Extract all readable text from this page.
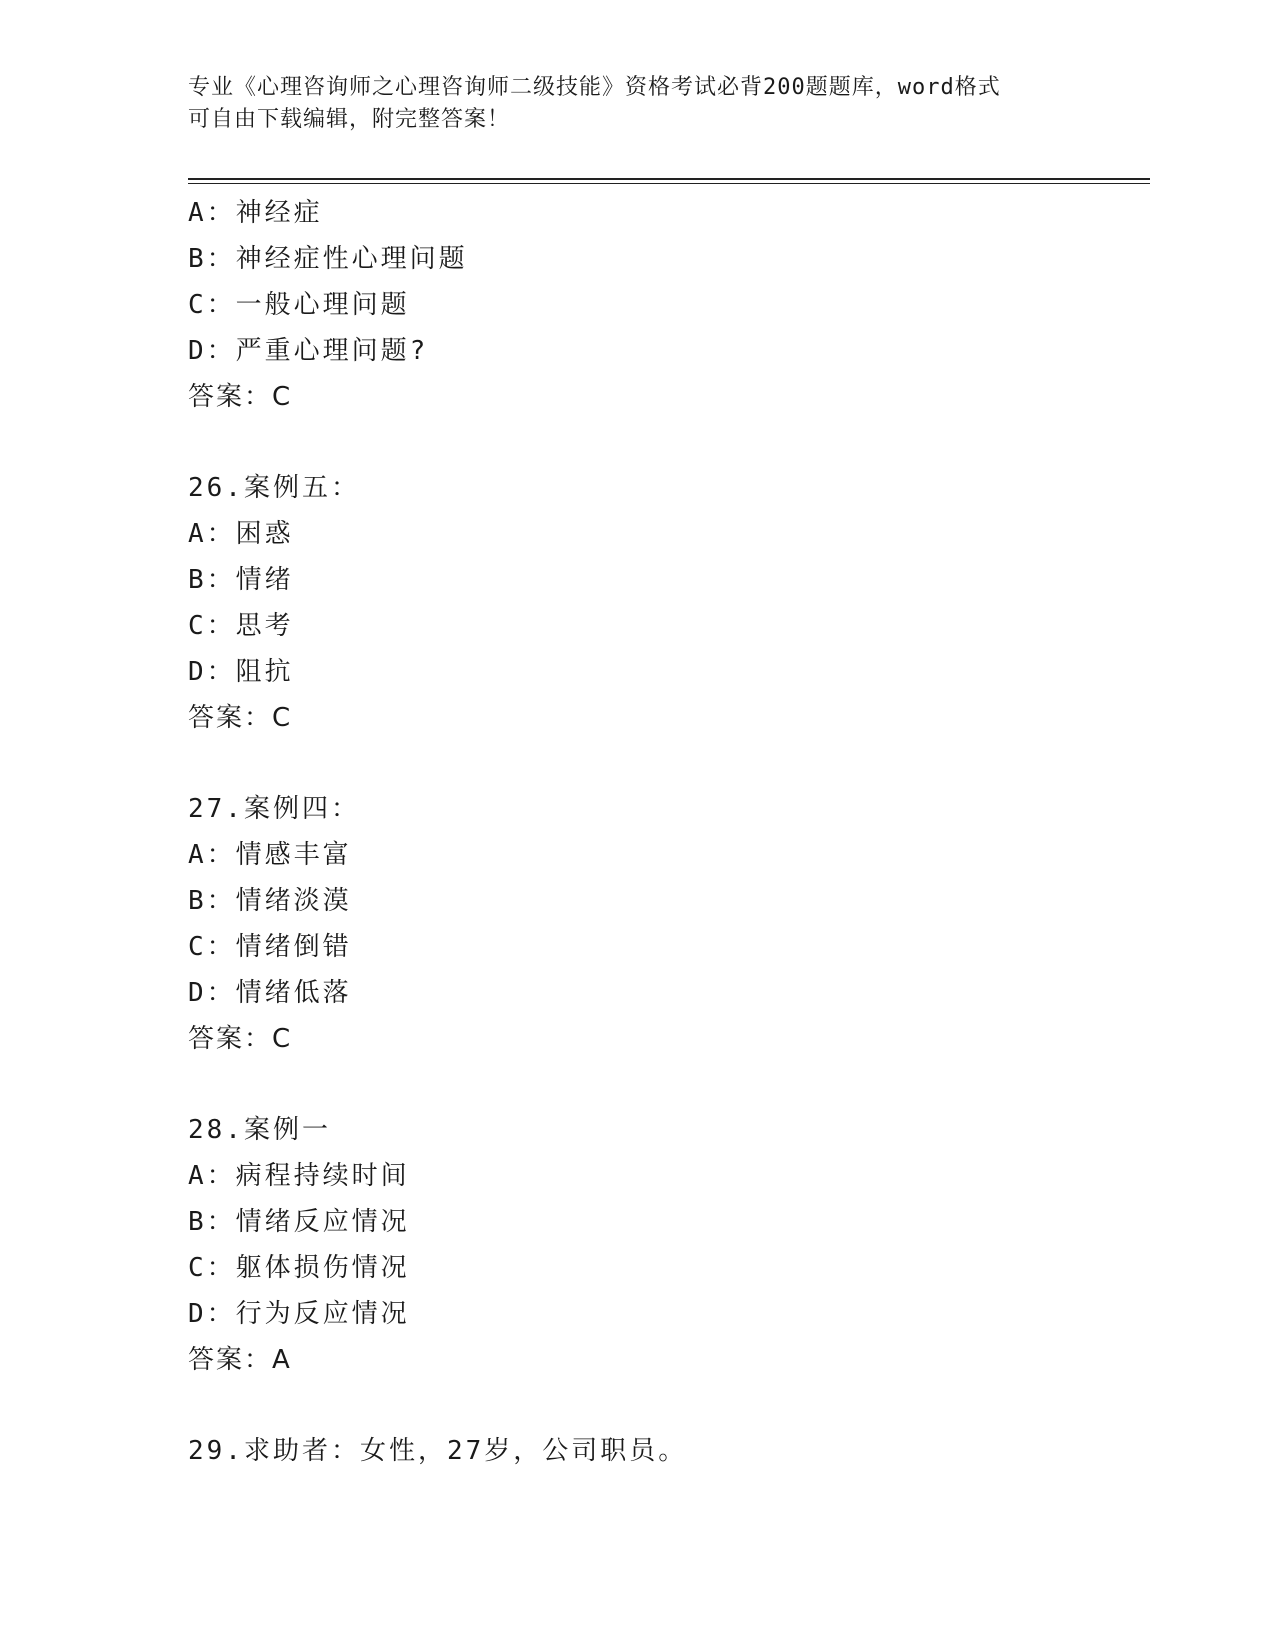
专业《心理咨询师之心理咨询师二级技能》资格考试必背200题题库，word格式
可自由下载编辑，附完整答案！
A：神经症
B：神经症性心理问题
C：一般心理问题
D：严重心理问题?
答案：C
26.案例五：
A：困惑
B：情绪
C：思考
D：阻抗
答案：C
27.案例四：
A：情感丰富
B：情绪淡漠
C：情绪倒错
D：情绪低落
答案：C
28.案例一
A：病程持续时间
B：情绪反应情况
C：躯体损伤情况
D：行为反应情况
答案：A
29.求助者：女性，27岁，公司职员。
